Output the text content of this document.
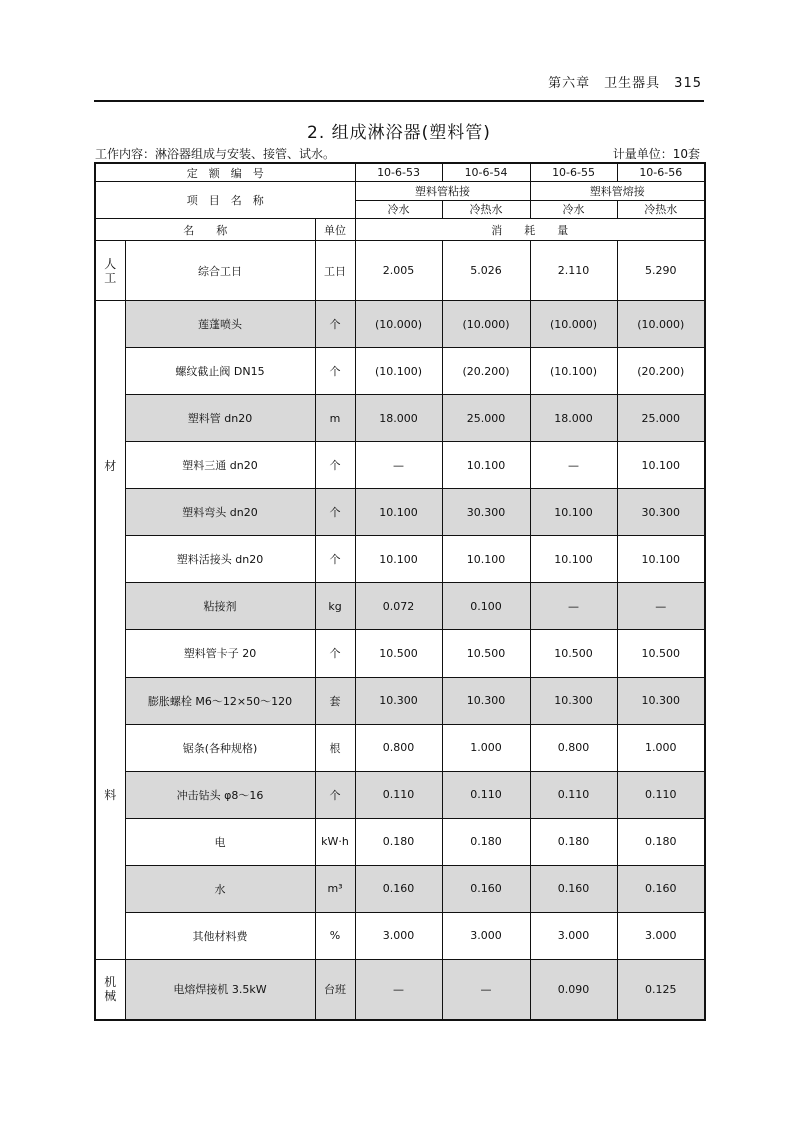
第六章　卫生器具　315
2. 组成淋浴器(塑料管)
工作内容：淋浴器组成与安装、接管、试水。	计量单位：10套
定　额　编　号			10-6-53	10-6-54	10-6-55	10-6-56
项　目　名　称			塑料管粘接		塑料管熔接	
			冷水	冷热水	冷水	冷热水
名　　称		单位	消　　耗　　量			
人工	综合工日	工日	2.005	5.026	2.110	5.290

材
料	莲蓬喷头	个	(10.000)	(10.000)	(10.000)	(10.000)
	螺纹截止阀 DN15	个	(10.100)	(20.200)	(10.100)	(20.200)
	塑料管 dn20	m	18.000	25.000	18.000	25.000
	塑料三通 dn20	个	—	10.100	—	10.100
	塑料弯头 dn20	个	10.100	30.300	10.100	30.300
	塑料活接头 dn20	个	10.100	10.100	10.100	10.100
	粘接剂	kg	0.072	0.100	—	—
	塑料管卡子 20	个	10.500	10.500	10.500	10.500
	膨胀螺栓 M6～12×50～120	套	10.300	10.300	10.300	10.300
	锯条(各种规格)	根	0.800	1.000	0.800	1.000
	冲击钻头 φ8～16	个	0.110	0.110	0.110	0.110
	电	kW·h	0.180	0.180	0.180	0.180
	水	m³	0.160	0.160	0.160	0.160
	其他材料费	%	3.000	3.000	3.000	3.000
机械	电熔焊接机 3.5kW	台班	—	—	0.090	0.125
